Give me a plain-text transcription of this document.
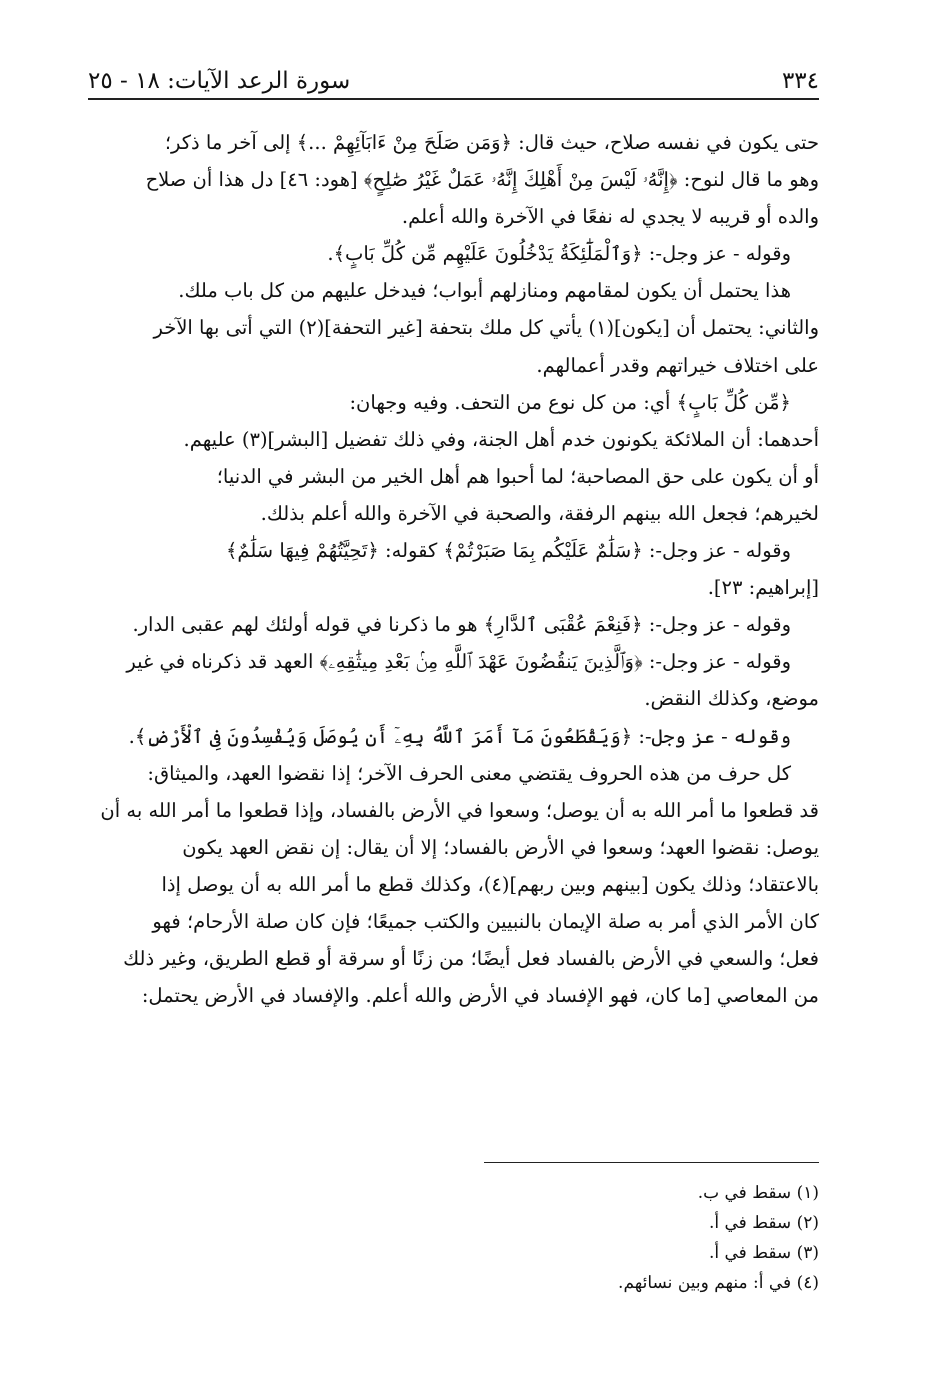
٣٣٤
سورة الرعد الآيات: ١٨ - ٢٥
حتى يكون في نفسه صلاح، حيث قال: ﴿وَمَن صَلَحَ مِنْ ءَابَآئِهِمْ ...﴾ إلى آخر ما ذكر؛
وهو ما قال لنوح: ﴿إِنَّهُۥ لَيْسَ مِنْ أَهْلِكَ إِنَّهُۥ عَمَلٌ غَيْرُ صَٰلِحٍ﴾ [هود: ٤٦] دل هذا أن صلاح
والده أو قريبه لا يجدي له نفعًا في الآخرة والله أعلم.
وقوله - عز وجل-: ﴿وَٱلْمَلَٰٓئِكَةُ يَدْخُلُونَ عَلَيْهِم مِّن كُلِّ بَابٍ﴾.
هذا يحتمل أن يكون لمقامهم ومنازلهم أبواب؛ فيدخل عليهم من كل باب ملك.
والثاني: يحتمل أن [يكون](١) يأتي كل ملك بتحفة [غير التحفة](٢) التي أتى بها الآخر
على اختلاف خيراتهم وقدر أعمالهم.
﴿مِّن كُلِّ بَابٍ﴾ أي: من كل نوع من التحف. وفيه وجهان:
أحدهما: أن الملائكة يكونون خدم أهل الجنة، وفي ذلك تفضيل [البشر](٣) عليهم.
أو أن يكون على حق المصاحبة؛ لما أحبوا هم أهل الخير من البشر في الدنيا؛
لخيرهم؛ فجعل الله بينهم الرفقة، والصحبة في الآخرة والله أعلم بذلك.
وقوله - عز وجل-: ﴿سَلَٰمٌ عَلَيْكُم بِمَا صَبَرْتُمْ﴾ كقوله: ﴿تَحِيَّتُهُمْ فِيهَا سَلَٰمٌ﴾
[إبراهيم: ٢٣].
وقوله - عز وجل-: ﴿فَنِعْمَ عُقْبَى ٱلدَّارِ﴾ هو ما ذكرنا في قوله أولئك لهم عقبى الدار.
وقوله - عز وجل-: ﴿وَٱلَّذِينَ يَنقُضُونَ عَهْدَ ٱللَّهِ مِنۢ بَعْدِ مِيثَٰقِهِۦ﴾ العهد قد ذكرناه في غير
موضع، وكذلك النقض.
وقوله - عز وجل-: ﴿وَيَقْطَعُونَ مَآ أَمَرَ ٱللَّهُ بِهِۦٓ أَن يُوصَلَ وَيُفْسِدُونَ فِى ٱلْأَرْضِ﴾.
كل حرف من هذه الحروف يقتضي معنى الحرف الآخر؛ إذا نقضوا العهد، والميثاق:
قد قطعوا ما أمر الله به أن يوصل؛ وسعوا في الأرض بالفساد، وإذا قطعوا ما أمر الله به أن
يوصل: نقضوا العهد؛ وسعوا في الأرض بالفساد؛ إلا أن يقال: إن نقض العهد يكون
بالاعتقاد؛ وذلك يكون [بينهم وبين ربهم](٤)، وكذلك قطع ما أمر الله به أن يوصل إذا
كان الأمر الذي أمر به صلة الإيمان بالنبيين والكتب جميعًا؛ فإن كان صلة الأرحام؛ فهو
فعل؛ والسعي في الأرض بالفساد فعل أيضًا؛ من زنًا أو سرقة أو قطع الطريق، وغير ذلك
من المعاصي [ما كان، فهو الإفساد في الأرض والله أعلم. والإفساد في الأرض يحتمل:
(١) سقط في ب.
(٢) سقط في أ.
(٣) سقط في أ.
(٤) في أ: منهم وبين نسائهم.
